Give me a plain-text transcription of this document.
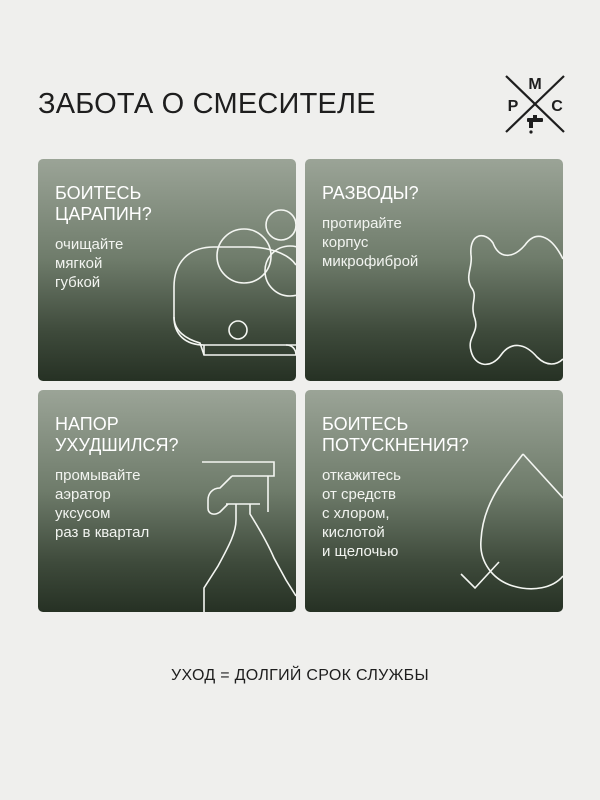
ЗАБОТА О СМЕСИТЕЛЕ
М
Р С
БОИТЕСЬ
ЦАРАПИН?

очищайте
мягкой
губкой

РАЗВОДЫ?

протирайте
корпус
микрофиброй

НАПОР
УХУДШИЛСЯ?

промывайте
аэратор
уксусом
раз в квартал

БОИТЕСЬ
ПОТУСКНЕНИЯ?

откажитесь
от средств
с хлором,
кислотой
и щелочью

УХОД = ДОЛГИЙ СРОК СЛУЖБЫ
